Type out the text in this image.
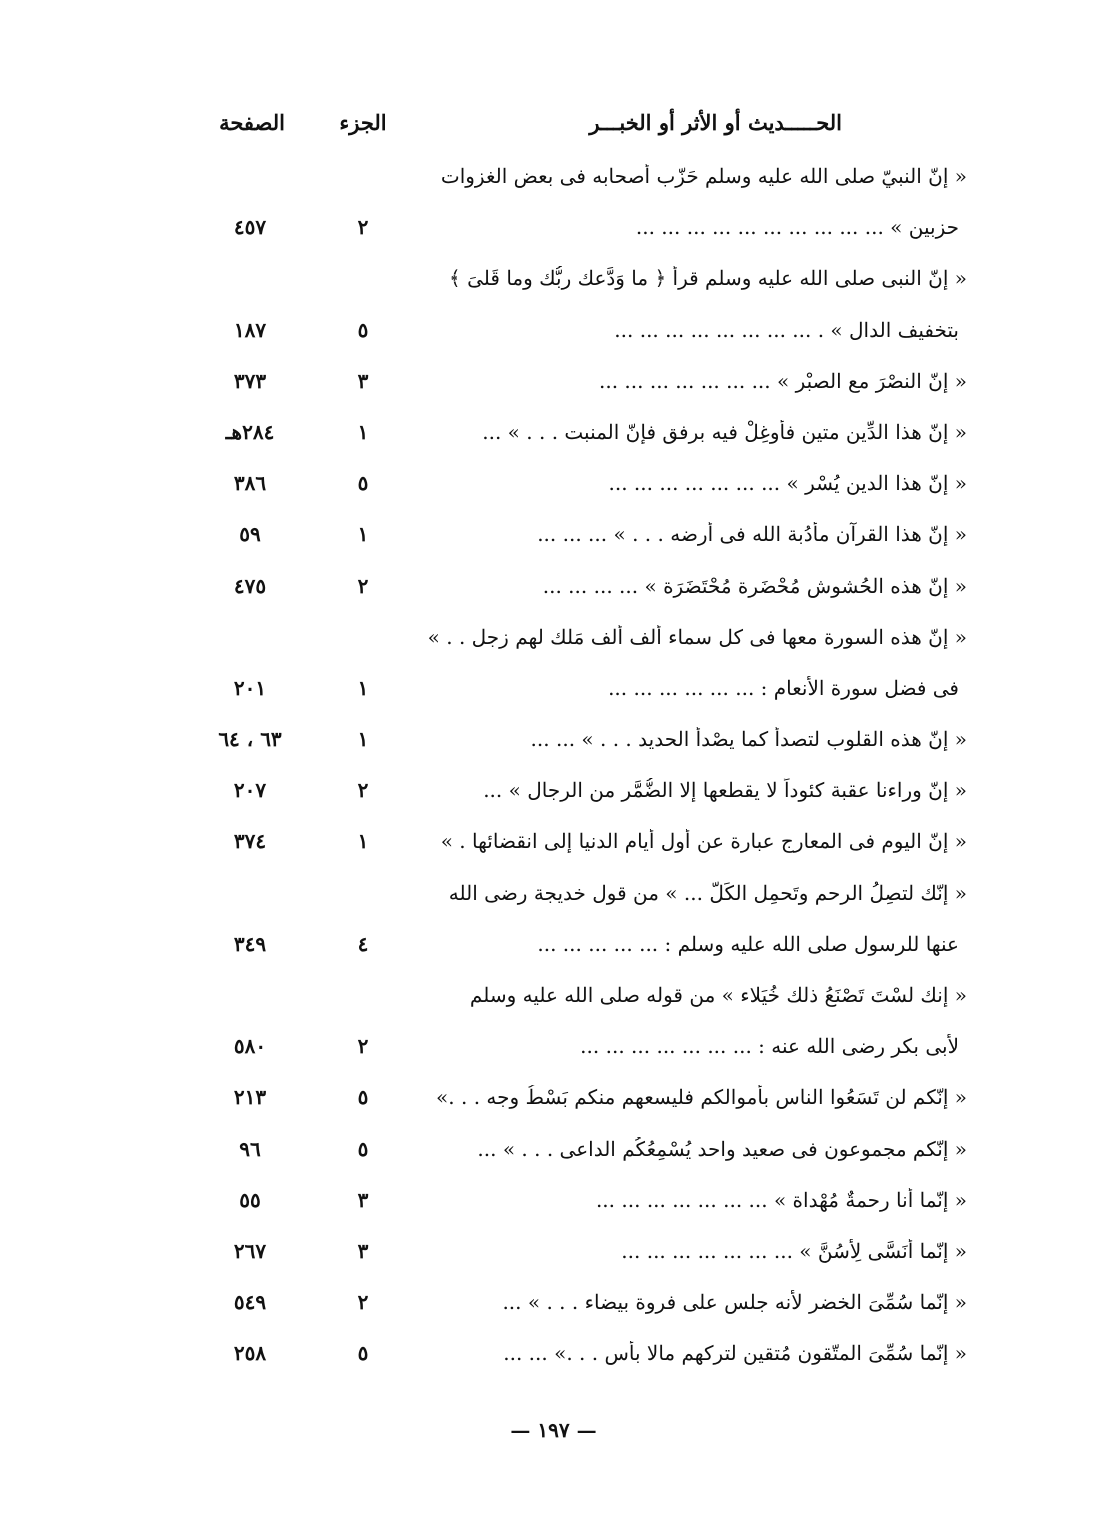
الحـــــديث أو الأثر أو الخبـــر
الجزء
الصفحة
« إنّ النبيّ صلى الله عليه وسلم حَزّب أَصحابه فى بعض الغزوات
حزبين » ... ... ... ... ... ... ... ... ... ...
٢
٤٥٧
« إنّ النبى صلى الله عليه وسلم قرأ ﴿ ما وَدَّعك ربُّك وما قَلىَ ﴾
بتخفيف الدال » . ... ... ... ... ... ... ... ...
٥
١٨٧
« إنّ النصْرَ مع الصبْر » ... ... ... ... ... ... ...
٣
٣٧٣
« إنّ هذا الدِّين متين فأَوغِلْ فيه برفق فإنّ المنبت . . . » ...
١
٢٨٤هـ
« إنّ هذا الدين يُسْر » ... ... ... ... ... ... ...
٥
٣٨٦
« إنّ هذا القرآن مأْدُبة الله فى أَرضه . . . » ... ... ...
١
٥٩
« إنّ هذه الحُشوش مُحْضَرة مُحْتَضَرَة » ... ... ... ...
٢
٤٧٥
« إنّ هذه السورة معها فى كل سماء ألف أَلف مَلك لهم زجل . . »
فى فضل سورة الأَنعام : ... ... ... ... ... ...
١
٢٠١
« إنّ هذه القلوب لتصدأُ كما يصْدأُ الحديد . . . » ... ...
١
٦٣ ، ٦٤
« إنّ وراءنا عقبة كئوداً لا يقطعها إلا الضُّمَّر من الرجال » ...
٢
٢٠٧
« إنّ اليوم فى المعارج عبارة عن أول أيام الدنيا إلى انقضائها . »
١
٣٧٤
« إنّك لتصِلُ الرحم وتَحمِل الكَلّ ... » من قول خديجة رضى الله
عنها للرسول صلى الله عليه وسلم : ... ... ... ... ...
٤
٣٤٩
« إنك لسْتَ تَصْنَعُ ذلك خُيَلاء » من قوله صلى الله عليه وسلم
لأَبى بكر رضى الله عنه : ... ... ... ... ... ... ...
٢
٥٨٠
« إنّكم لن تَسَعُوا الناس بأَموالكم فليسعهم منكم بَسْطُ وجه . . .»
٥
٢١٣
« إنّكم مجموعون فى صعيد واحد يُسْمِعُكُم الداعى . . . » ...
٥
٩٦
« إنّما أنا رحمةٌ مُهْداة » ... ... ... ... ... ... ...
٣
٥٥
« إنّما أُنَسَّى لِأَسُنَّ » ... ... ... ... ... ... ...
٣
٢٦٧
« إنّما سُمِّىَ الخضر لأَنه جلس على فروة بيضاء . . . » ...
٢
٥٤٩
« إنّما سُمِّىَ المتّقون مُتقين لتركهم مالا بأْس . . .» ... ...
٥
٢٥٨
— ١٩٧ —
